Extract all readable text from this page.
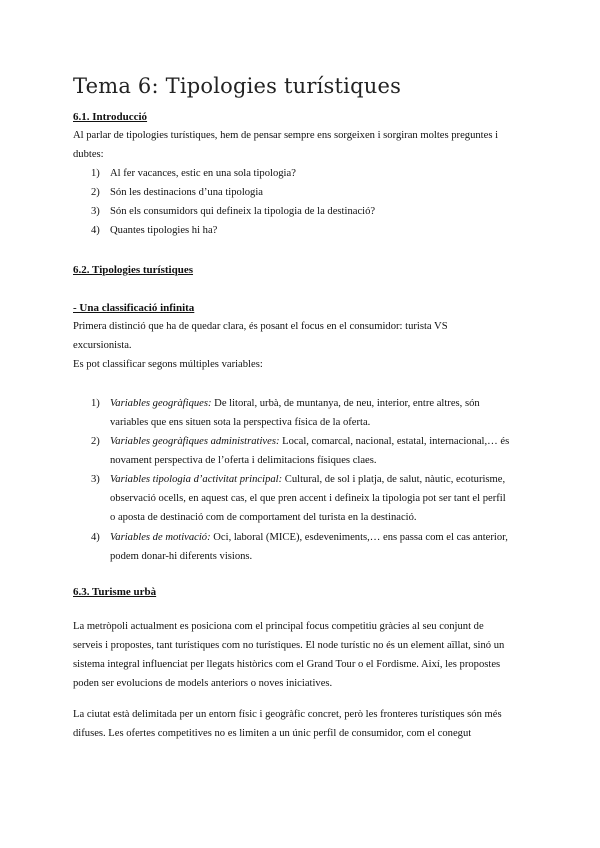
Tema 6: Tipologies turístiques
6.1. Introducció
Al parlar de tipologies turístiques, hem de pensar sempre ens sorgeixen i sorgiran moltes preguntes i
dubtes:
1) Al fer vacances, estic en una sola tipologia?
2) Són les destinacions d’una tipologia
3) Són els consumidors qui defineix la tipologia de la destinació?
4) Quantes tipologies hi ha?
6.2. Tipologies turístiques
- Una classificació infinita
Primera distinció que ha de quedar clara, és posant el focus en el consumidor: turista VS
excursionista.
Es pot classificar segons múltiples variables:
1) Variables geogràfiques: De litoral, urbà, de muntanya, de neu, interior, entre altres, són
variables que ens situen sota la perspectiva física de la oferta.
2) Variables geogràfiques administratives: Local, comarcal, nacional, estatal, internacional,… és
novament perspectiva de l’oferta i delimitacions físiques claes.
3) Variables tipologia d’activitat principal: Cultural, de sol i platja, de salut, nàutic, ecoturisme,
observació ocells, en aquest cas, el que pren accent i defineix la tipologia pot ser tant el perfil
o aposta de destinació com de comportament del turista en la destinació.
4) Variables de motivació: Oci, laboral (MICE), esdeveniments,… ens passa com el cas anterior,
podem donar-hi diferents visions.
6.3. Turisme urbà
La metròpoli actualment es posiciona com el principal focus competitiu gràcies al seu conjunt de
serveis i propostes, tant turístiques com no turístiques. El node turístic no és un element aïllat, sinó un
sistema integral influenciat per llegats històrics com el Grand Tour o el Fordisme. Així, les propostes
poden ser evolucions de models anteriors o noves iniciatives.
La ciutat està delimitada per un entorn físic i geogràfic concret, però les fronteres turístiques són més
difuses. Les ofertes competitives no es limiten a un únic perfil de consumidor, com el conegut
